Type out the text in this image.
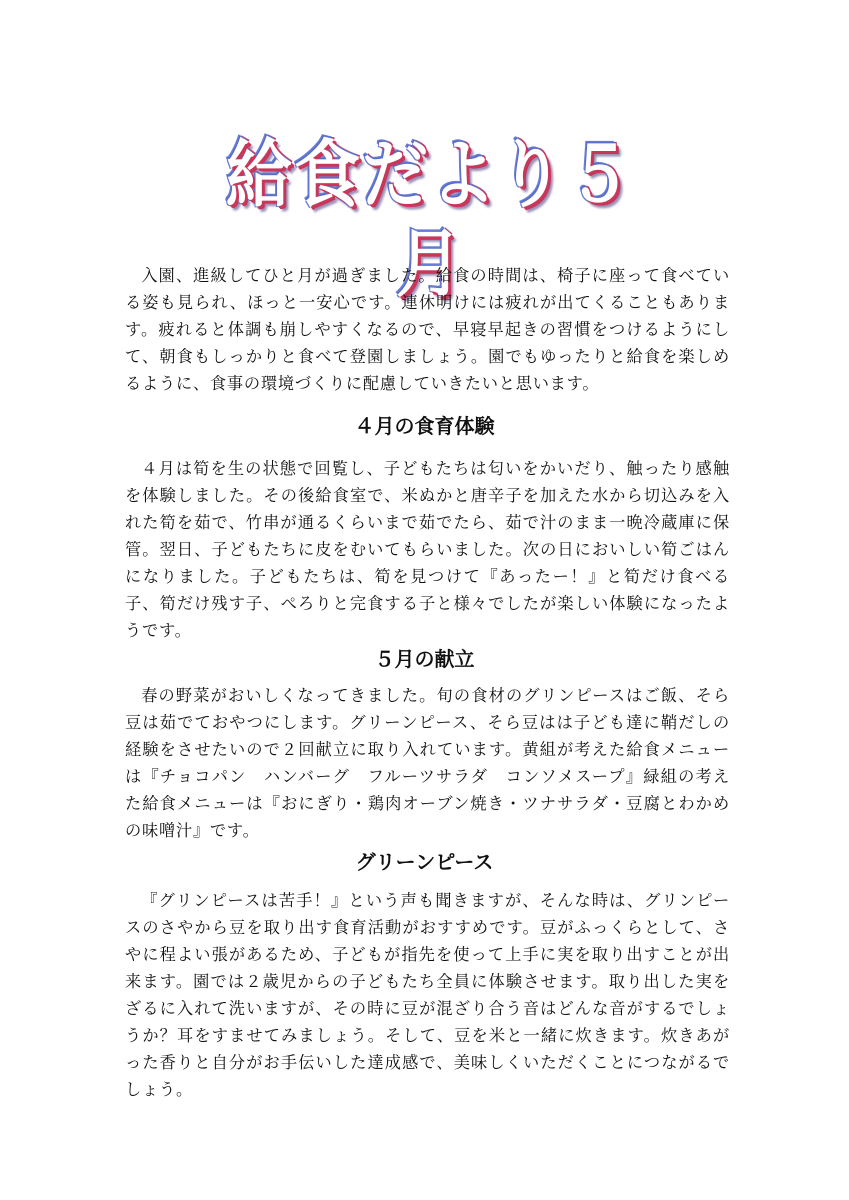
給食だより５月

入園、進級してひと月が過ぎました。給食の時間は、椅子に座って食べている姿も見られ、ほっと一安心です。連休明けには疲れが出てくることもあります。疲れると体調も崩しやすくなるので、早寝早起きの習慣をつけるようにして、朝食もしっかりと食べて登園しましょう。園でもゆったりと給食を楽しめるように、食事の環境づくりに配慮していきたいと思います。

４月の食育体験

４月は筍を生の状態で回覧し、子どもたちは匂いをかいだり、触ったり感触を体験しました。その後給食室で、米ぬかと唐辛子を加えた水から切込みを入れた筍を茹で、竹串が通るくらいまで茹でたら、茹で汁のまま一晩冷蔵庫に保管。翌日、子どもたちに皮をむいてもらいました。次の日においしい筍ごはんになりました。子どもたちは、筍を見つけて『あったー！』と筍だけ食べる子、筍だけ残す子、ぺろりと完食する子と様々でしたが楽しい体験になったようです。

５月の献立

春の野菜がおいしくなってきました。旬の食材のグリンピースはご飯、そら豆は茹でておやつにします。グリーンピース、そら豆はは子ども達に鞘だしの経験をさせたいので２回献立に取り入れています。黄組が考えた給食メニューは『チョコパン　ハンバーグ　フルーツサラダ　コンソメスープ』緑組の考えた給食メニューは『おにぎり・鶏肉オーブン焼き・ツナサラダ・豆腐とわかめの味噌汁』です。

グリーンピース

『グリンピースは苦手！』という声も聞きますが、そんな時は、グリンピースのさやから豆を取り出す食育活動がおすすめです。豆がふっくらとして、さやに程よい張があるため、子どもが指先を使って上手に実を取り出すことが出来ます。園では２歳児からの子どもたち全員に体験させます。取り出した実をざるに入れて洗いますが、その時に豆が混ざり合う音はどんな音がするでしょうか？耳をすませてみましょう。そして、豆を米と一緒に炊きます。炊きあがった香りと自分がお手伝いした達成感で、美味しくいただくことにつながるでしょう。
